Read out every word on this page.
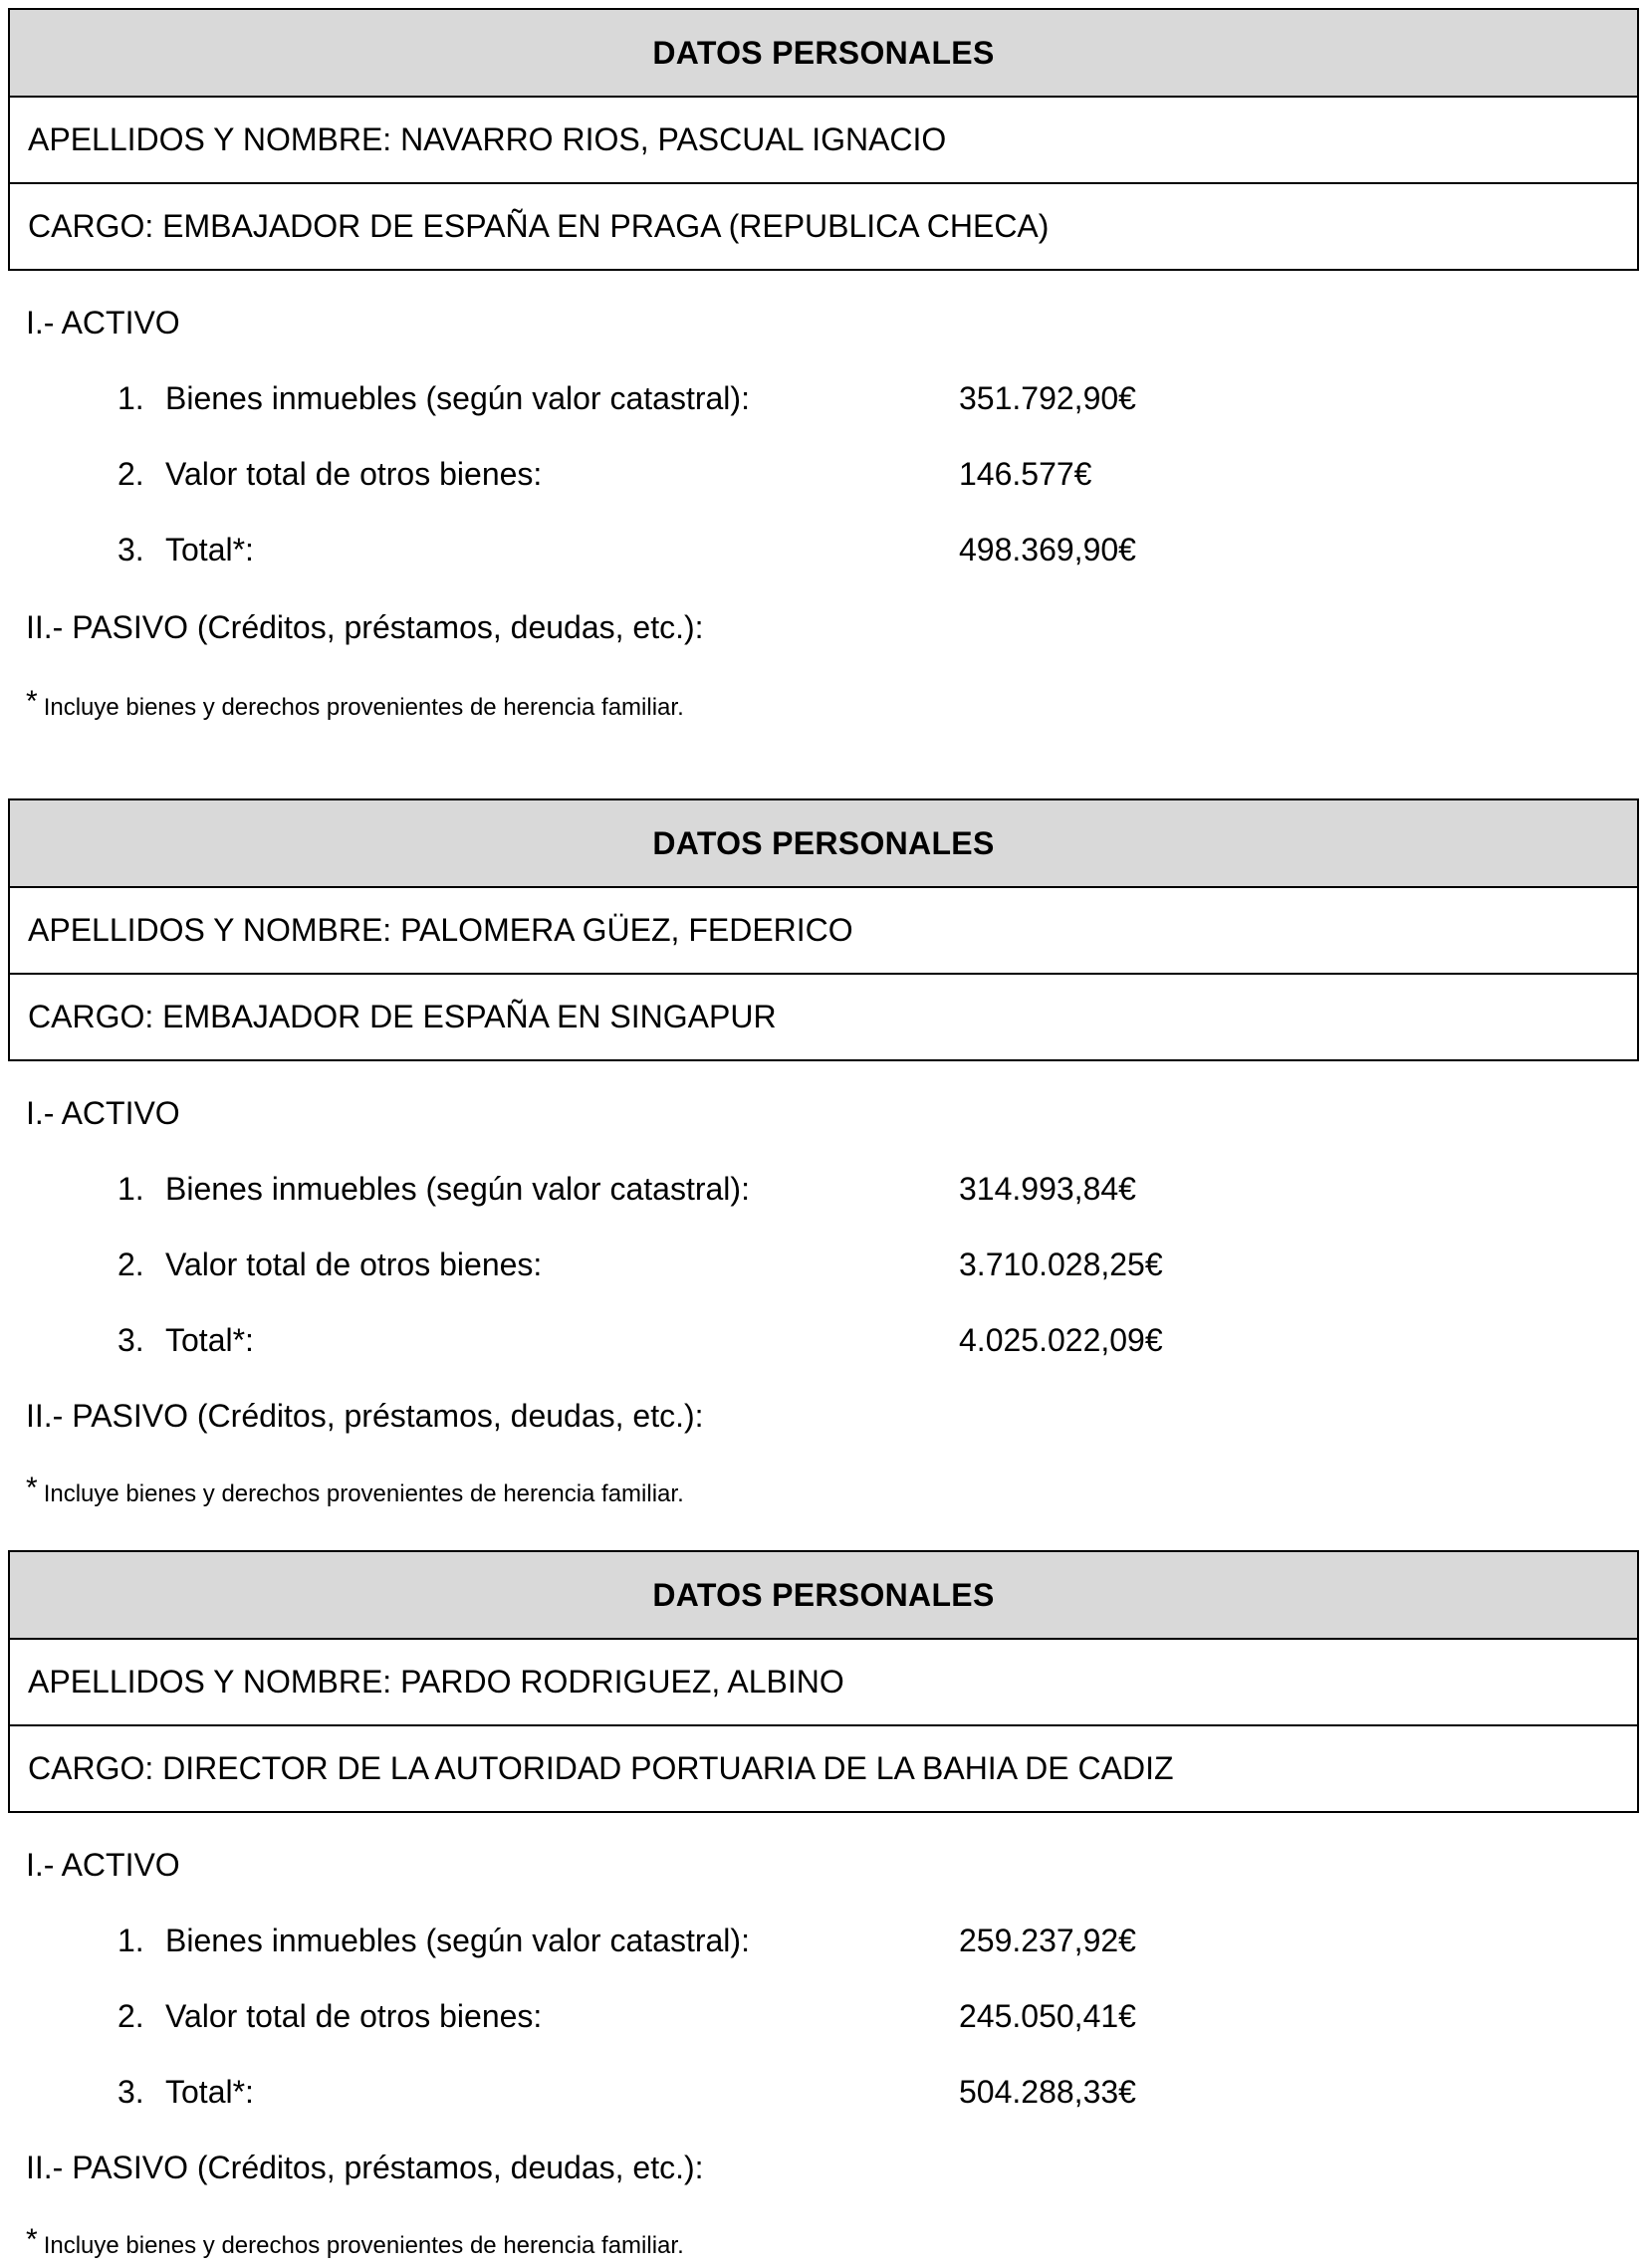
DATOS PERSONALES
APELLIDOS Y NOMBRE: NAVARRO RIOS, PASCUAL IGNACIO
CARGO: EMBAJADOR DE ESPAÑA EN PRAGA (REPUBLICA CHECA)
I.- ACTIVO
1. Bienes inmuebles (según valor catastral):	351.792,90€
2. Valor total de otros bienes:	146.577€
3. Total*:	498.369,90€
II.- PASIVO (Créditos, préstamos, deudas, etc.):
* Incluye bienes y derechos provenientes de herencia familiar.
DATOS PERSONALES
APELLIDOS Y NOMBRE: PALOMERA GÜEZ, FEDERICO
CARGO: EMBAJADOR DE ESPAÑA EN SINGAPUR
I.- ACTIVO
1. Bienes inmuebles (según valor catastral):	314.993,84€
2. Valor total de otros bienes:	3.710.028,25€
3. Total*:	4.025.022,09€
II.- PASIVO (Créditos, préstamos, deudas, etc.):
* Incluye bienes y derechos provenientes de herencia familiar.
DATOS PERSONALES
APELLIDOS Y NOMBRE: PARDO RODRIGUEZ, ALBINO
CARGO: DIRECTOR DE LA AUTORIDAD PORTUARIA DE LA BAHIA DE CADIZ
I.- ACTIVO
1. Bienes inmuebles (según valor catastral):	259.237,92€
2. Valor total de otros bienes:	245.050,41€
3. Total*:	504.288,33€
II.- PASIVO (Créditos, préstamos, deudas, etc.):
* Incluye bienes y derechos provenientes de herencia familiar.
